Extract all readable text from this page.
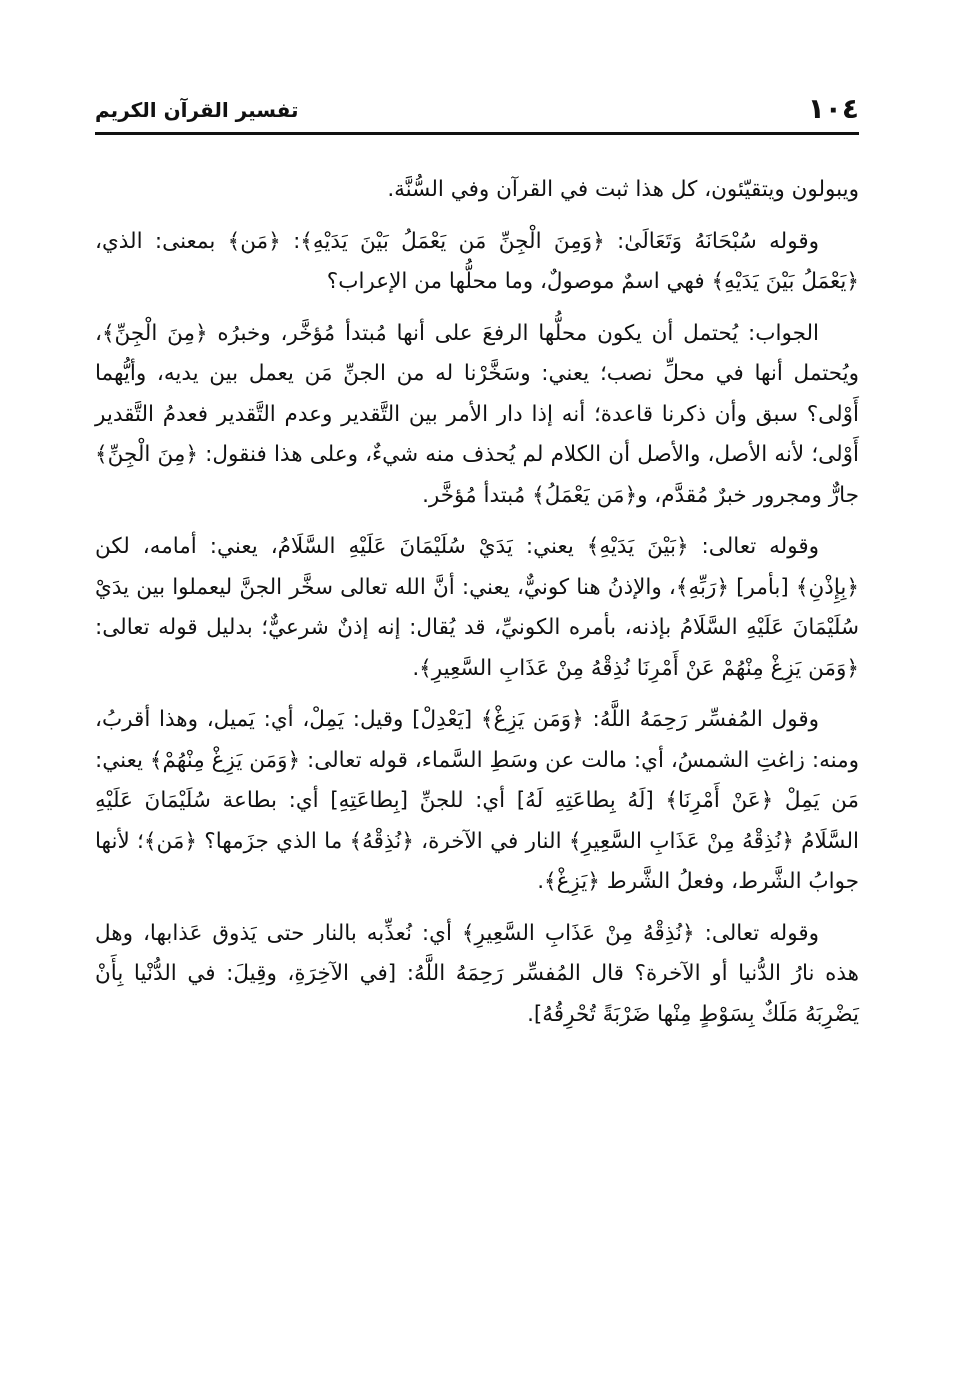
١٠٤
تفسير القرآن الكريم

ويبولون ويتقيّئون، كل هذا ثبت في القرآن وفي السُّنَّة.

وقوله سُبْحَانَهُ وَتَعَالَىٰ: ﴿وَمِنَ الْجِنِّ مَن يَعْمَلُ بَيْنَ يَدَيْهِ﴾: ﴿مَن﴾ بمعنى: الذي، ﴿يَعْمَلُ بَيْنَ يَدَيْهِ﴾ فهي اسمٌ موصولٌ، وما محلُّها من الإعراب؟

الجواب: يُحتمل أن يكون محلُّها الرفعَ على أنها مُبتدأ مُؤخَّر، وخبرُه ﴿مِنَ الْجِنِّ﴾، ويُحتمل أنها في محلِّ نصب؛ يعني: وسَخَّرْنا له من الجنِّ مَن يعمل بين يديه، وأيُّهما أَوْلى؟ سبق وأن ذكرنا قاعدة؛ أنه إذا دار الأمر بين التَّقدير وعدم التَّقدير فعدمُ التَّقدير أَوْلى؛ لأنه الأصل، والأصل أن الكلام لم يُحذف منه شيءٌ، وعلى هذا فنقول: ﴿مِنَ الْجِنِّ﴾ جارٌّ ومجرور خبرٌ مُقدَّم، و﴿مَن يَعْمَلُ﴾ مُبتدأ مُؤخَّر.

وقوله تعالى: ﴿بَيْنَ يَدَيْهِ﴾ يعني: يَدَيْ سُلَيْمَانَ عَلَيْهِ السَّلَامُ، يعني: أمامه، لكن ﴿بِإِذْنِ﴾ [بأمر] ﴿رَبِّهِ﴾، والإذنُ هنا كونيٌّ، يعني: أنَّ الله تعالى سخَّر الجنَّ ليعملوا بين يدَيْ سُلَيْمَانَ عَلَيْهِ السَّلَامُ بإذنه، بأمره الكونيِّ، قد يُقال: إنه إذنٌ شرعيٌّ؛ بدليل قوله تعالى: ﴿وَمَن يَزِغْ مِنْهُمْ عَنْ أَمْرِنَا نُذِقْهُ مِنْ عَذَابِ السَّعِيرِ﴾.

وقول المُفسِّر رَحِمَهُ اللَّهُ: ﴿وَمَن يَزِغْ﴾ [يَعْدِلْ] وقيل: يَمِلْ، أي: يَميل، وهذا أقربُ، ومنه: زاغتِ الشمسُ، أي: مالت عن وسَطِ السَّماء، قوله تعالى: ﴿وَمَن يَزِغْ مِنْهُمْ﴾ يعني: مَن يَمِلْ ﴿عَنْ أَمْرِنَا﴾ [لَهُ بِطاعَتِهِ لَهُ] أي: للجنِّ [بِطاعَتِهِ] أي: بطاعة سُلَيْمَانَ عَلَيْهِ السَّلَامُ ﴿نُذِقْهُ مِنْ عَذَابِ السَّعِيرِ﴾ النار في الآخرة، ﴿نُذِقْهُ﴾ ما الذي جزَمها؟ ﴿مَن﴾؛ لأنها جوابُ الشَّرط، وفعلُ الشَّرط ﴿يَزِغْ﴾.

وقوله تعالى: ﴿نُذِقْهُ مِنْ عَذَابِ السَّعِيرِ﴾ أي: نُعذِّبه بالنار حتى يَذوق عَذابها، وهل هذه نارُ الدُّنيا أو الآخرة؟ قال المُفسِّر رَحِمَهُ اللَّهُ: [في الآخِرَةِ، وقِيلَ: في الدُّنْيا بِأَنْ يَضْرِبَهُ مَلَكٌ بِسَوْطٍ مِنْها ضَرْبَةً تُحْرِقُهُ].
